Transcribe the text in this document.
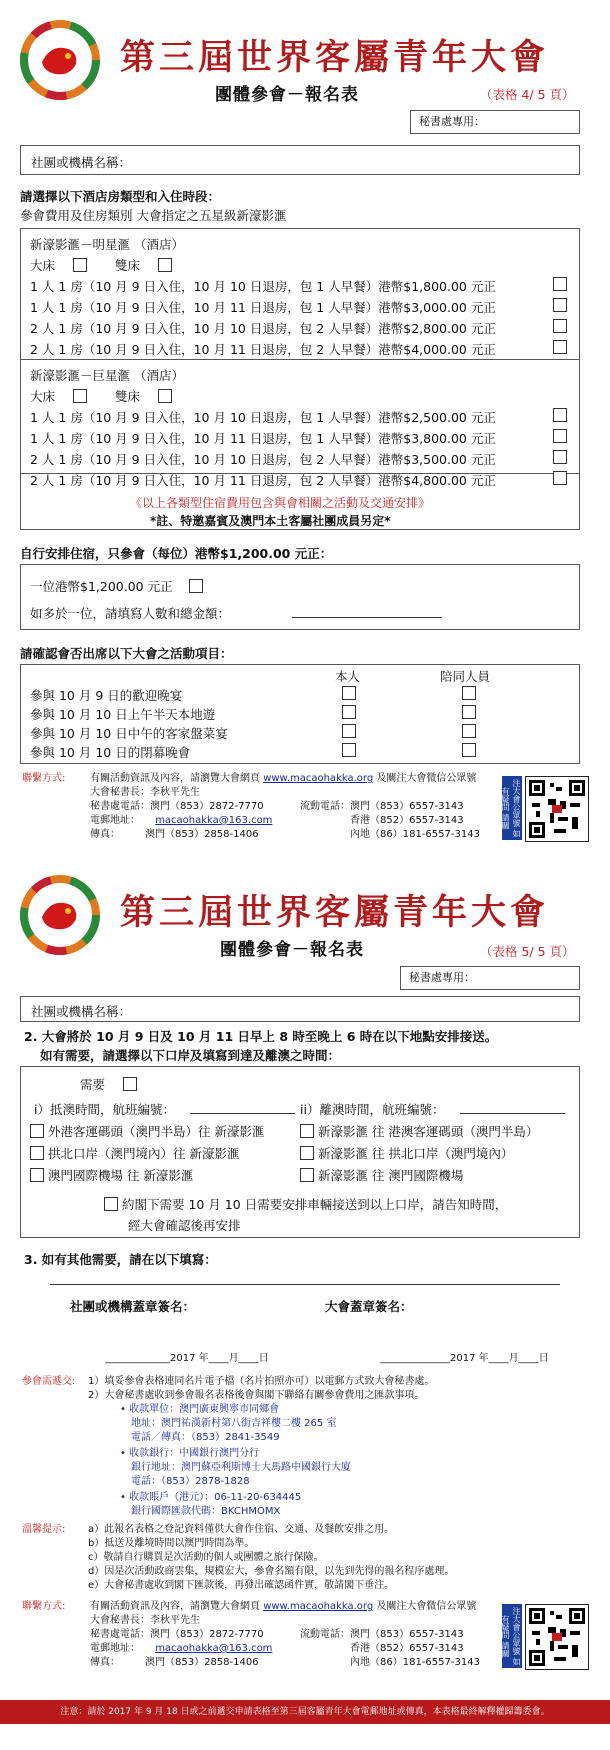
第三屆世界客屬青年大會
團體參會－報名表	（表格 4/ 5 頁）
秘書處專用：
社團或機構名稱：
請選擇以下酒店房類型和入住時段：
參會費用及住房類別 大會指定之五星級新濠影滙
新濠影滙－明星滙 （酒店）
大床	雙床
1 人 1 房（10 月 9 日入住，10 月 10 日退房，包 1 人早餐）港幣$1,800.00 元正
1 人 1 房（10 月 9 日入住，10 月 11 日退房，包 1 人早餐）港幣$3,000.00 元正
2 人 1 房（10 月 9 日入住，10 月 10 日退房，包 2 人早餐）港幣$2,800.00 元正
2 人 1 房（10 月 9 日入住，10 月 11 日退房，包 2 人早餐）港幣$4,000.00 元正
新濠影滙－巨星滙 （酒店）
大床	雙床
1 人 1 房（10 月 9 日入住，10 月 10 日退房，包 1 人早餐）港幣$2,500.00 元正
1 人 1 房（10 月 9 日入住，10 月 11 日退房，包 1 人早餐）港幣$3,800.00 元正
2 人 1 房（10 月 9 日入住，10 月 10 日退房，包 2 人早餐）港幣$3,500.00 元正
2 人 1 房（10 月 9 日入住，10 月 11 日退房，包 2 人早餐）港幣$4,800.00 元正
《以上各類型住宿費用包含與會相關之活動及交通安排》
*註、特邀嘉賓及澳門本土客屬社團成員另定*
自行安排住宿，只參會（每位）港幣$1,200.00 元正：
一位港幣$1,200.00 元正
如多於一位，請填寫人數和總金額：
請確認會否出席以下大會之活動項目：
本人	陪同人員
參與 10 月 9 日的歡迎晚宴
參與 10 月 10 日上午半天本地遊
參與 10 月 10 日中午的客家盤菜宴
參與 10 月 10 日的閉幕晚會
聯繫方式: 有關活動資訊及內容，請瀏覽大會網頁 www.macaohakka.org 及關注大會微信公眾號
大會秘書長：李秋平先生
秘書處電話：澳門（853）2872-7770
電郵地址： macaohakka@163.com
傳真：　　　澳門（853）2858-1406
流動電話：澳門（853）6557-3143
香港（852）6557-3143
內地（86）181-6557-3143	注大會公眾號 如有疑問 請關
第三屆世界客屬青年大會
團體參會－報名表	（表格 5/ 5 頁）
秘書處專用：
社團或機構名稱：
2. 大會將於 10 月 9 日及 10 月 11 日早上 8 時至晚上 6 時在以下地點安排接送。
如有需要，請選擇以下口岸及填寫到達及離澳之時間：
需要
i）抵澳時間，航班編號：	ii）離澳時間，航班編號：
外港客運碼頭（澳門半島）往 新濠影滙
拱北口岸（澳門境內）往 新濠影滙
澳門國際機場 往 新濠影滙
新濠影滙 往 港澳客運碼頭（澳門半島）
新濠影滙 往 拱北口岸（澳門境內）
新濠影滙 往 澳門國際機場
約閣下需要 10 月 10 日需要安排車輛接送到以上口岸，請告知時間，
經大會確認後再安排
3. 如有其他需要，請在以下填寫：
社團或機構蓋章簽名：	大會蓋章簽名：
_____________2017 年____月____日	______________2017 年____月____日
參會需遞交: 1）填妥參會表格連同名片電子檔（名片拍照亦可）以電郵方式致大會秘書處。
2）大會秘書處收到參會報名表格後會與閣下聯絡有關參會費用之匯款事項。
• 收款單位：澳門廣東興寧市同鄉會
地址：澳門祐漢新村第八街吉祥樓二樓 265 室
電話／傳真：（853）2841-3549
• 收款銀行：中國銀行澳門分行
銀行地址：澳門蘇亞利斯博士大馬路中國銀行大廈
電話：（853）2878-1828
• 收款賬戶（港元）：06-11-20-634445
銀行國際匯款代碼：BKCHMOMX
溫馨提示: a）此報名表格之登記資料僅供大會作住宿、交通、及餐飲安排之用。
b）抵送及離境時間以澳門時間為準。
c）敬請自行購買是次活動的個人或團體之旅行保險。
d）因是次活動政商雲集，規模宏大，參會名額有限，以先到先得的報名程序處理。
e）大會秘書處收到閣下匯款後，再發出確認函件實，敬請閣下垂注。
聯繫方式: 有關活動資訊及內容，請瀏覽大會網頁 www.macaohakka.org 及關注大會微信公眾號
大會秘書長：李秋平先生
秘書處電話：澳門（853）2872-7770
電郵地址： macaohakka@163.com
傳真：　　　澳門（853）2858-1406
流動電話：澳門（853）6557-3143
香港（852）6557-3143
內地（86）181-6557-3143	注大會公眾號 如有疑問 請關
注意：請於 2017 年 9 月 18 日或之前遞交申請表格至第三屆客屬青年大會電郵地址或傳真，本表格最終解釋權歸籌委會。
